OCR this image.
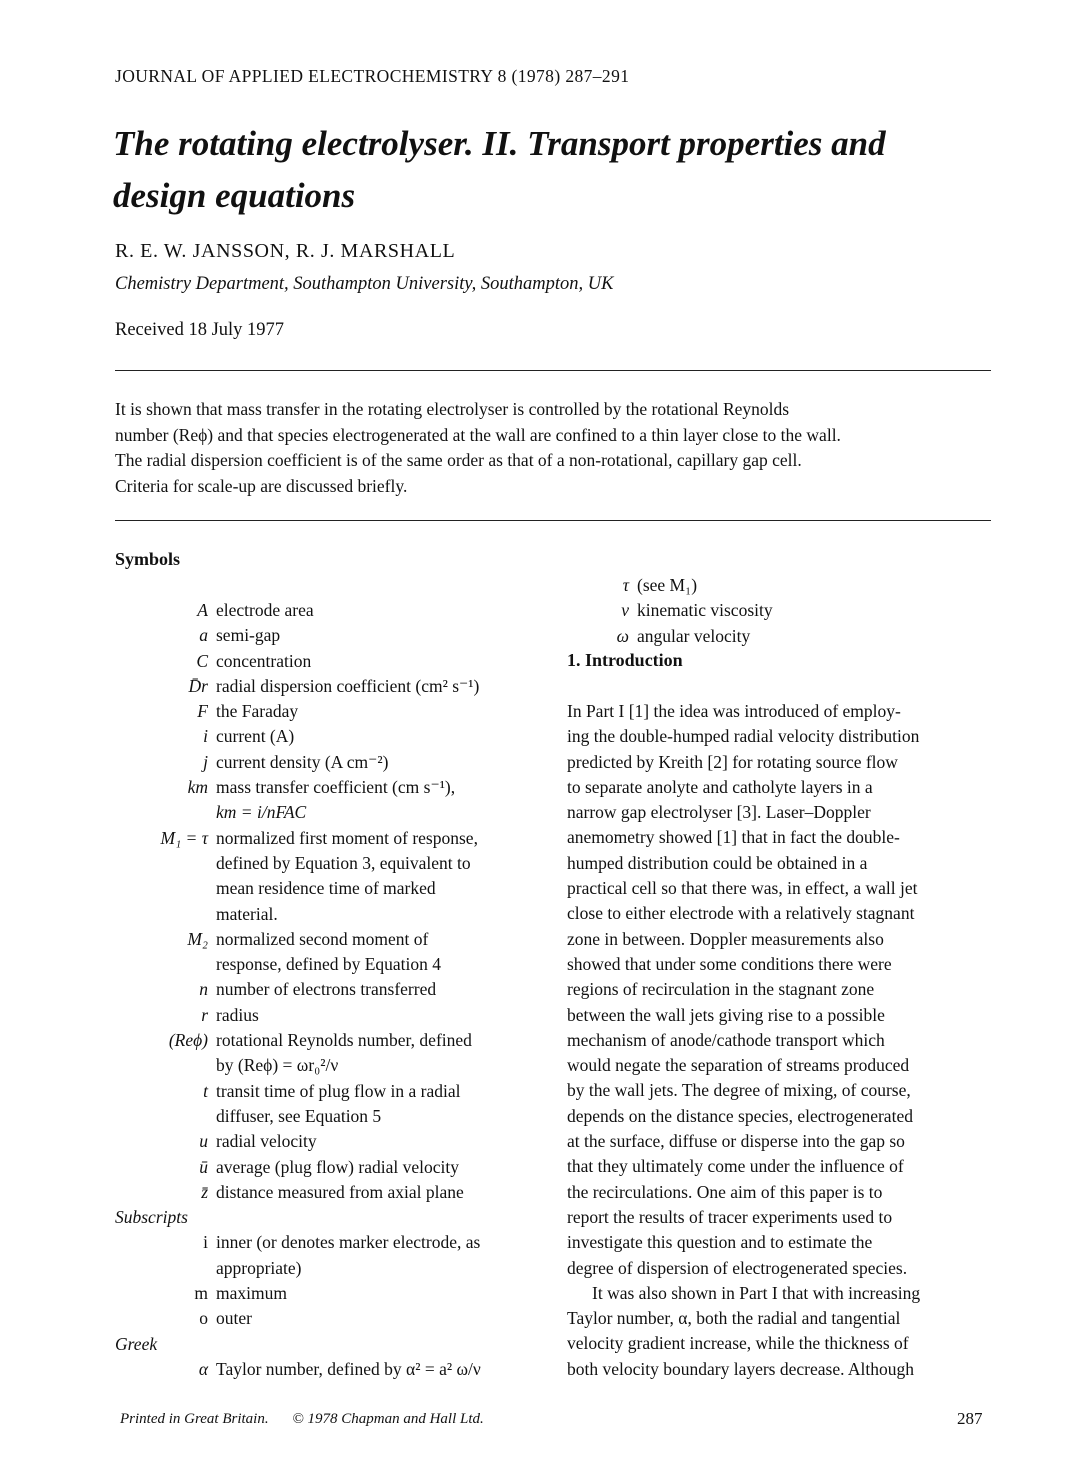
JOURNAL OF APPLIED ELECTROCHEMISTRY 8 (1978) 287–291
The rotating electrolyser. II. Transport properties and
design equations
R. E. W. JANSSON, R. J. MARSHALL
Chemistry Department, Southampton University, Southampton, UK
Received 18 July 1977

It is shown that mass transfer in the rotating electrolyser is controlled by the rotational Reynolds

number (Reϕ) and that species electrogenerated at the wall are confined to a thin layer close to the wall.

The radial dispersion coefficient is of the same order as that of a non-rotational, capillary gap cell.

Criteria for scale-up are discussed briefly.

Symbols
A electrode area
a semi-gap
C concentration
D̄r radial dispersion coefficient (cm² s⁻¹)
F the Faraday
i current (A)
j current density (A cm⁻²)
km mass transfer coefficient (cm s⁻¹),
km = i/nFAC
M₁ = τ normalized first moment of response,
defined by Equation 3, equivalent to
mean residence time of marked
material.
M₂ normalized second moment of
response, defined by Equation 4
n number of electrons transferred
r radius
(Reϕ) rotational Reynolds number, defined
by (Reϕ) = ωr₀²/ν
t transit time of plug flow in a radial
diffuser, see Equation 5
u radial velocity
ū average (plug flow) radial velocity
z̄ distance measured from axial plane
Subscripts
i inner (or denotes marker electrode, as
appropriate)
m maximum
o outer
Greek
α Taylor number, defined by α² = a² ω/ν
τ (see M₁)
ν kinematic viscosity
ω angular velocity
1. Introduction

In Part I [1] the idea was introduced of employ-

ing the double-humped radial velocity distribution

predicted by Kreith [2] for rotating source flow

to separate anolyte and catholyte layers in a

narrow gap electrolyser [3]. Laser–Doppler

anemometry showed [1] that in fact the double-

humped distribution could be obtained in a

practical cell so that there was, in effect, a wall jet

close to either electrode with a relatively stagnant

zone in between. Doppler measurements also

showed that under some conditions there were

regions of recirculation in the stagnant zone

between the wall jets giving rise to a possible

mechanism of anode/cathode transport which

would negate the separation of streams produced

by the wall jets. The degree of mixing, of course,

depends on the distance species, electrogenerated

at the surface, diffuse or disperse into the gap so

that they ultimately come under the influence of

the recirculations. One aim of this paper is to

report the results of tracer experiments used to

investigate this question and to estimate the

degree of dispersion of electrogenerated species.

It was also shown in Part I that with increasing

Taylor number, α, both the radial and tangential

velocity gradient increase, while the thickness of

both velocity boundary layers decrease. Although

Printed in Great Britain. © 1978 Chapman and Hall Ltd.	287
